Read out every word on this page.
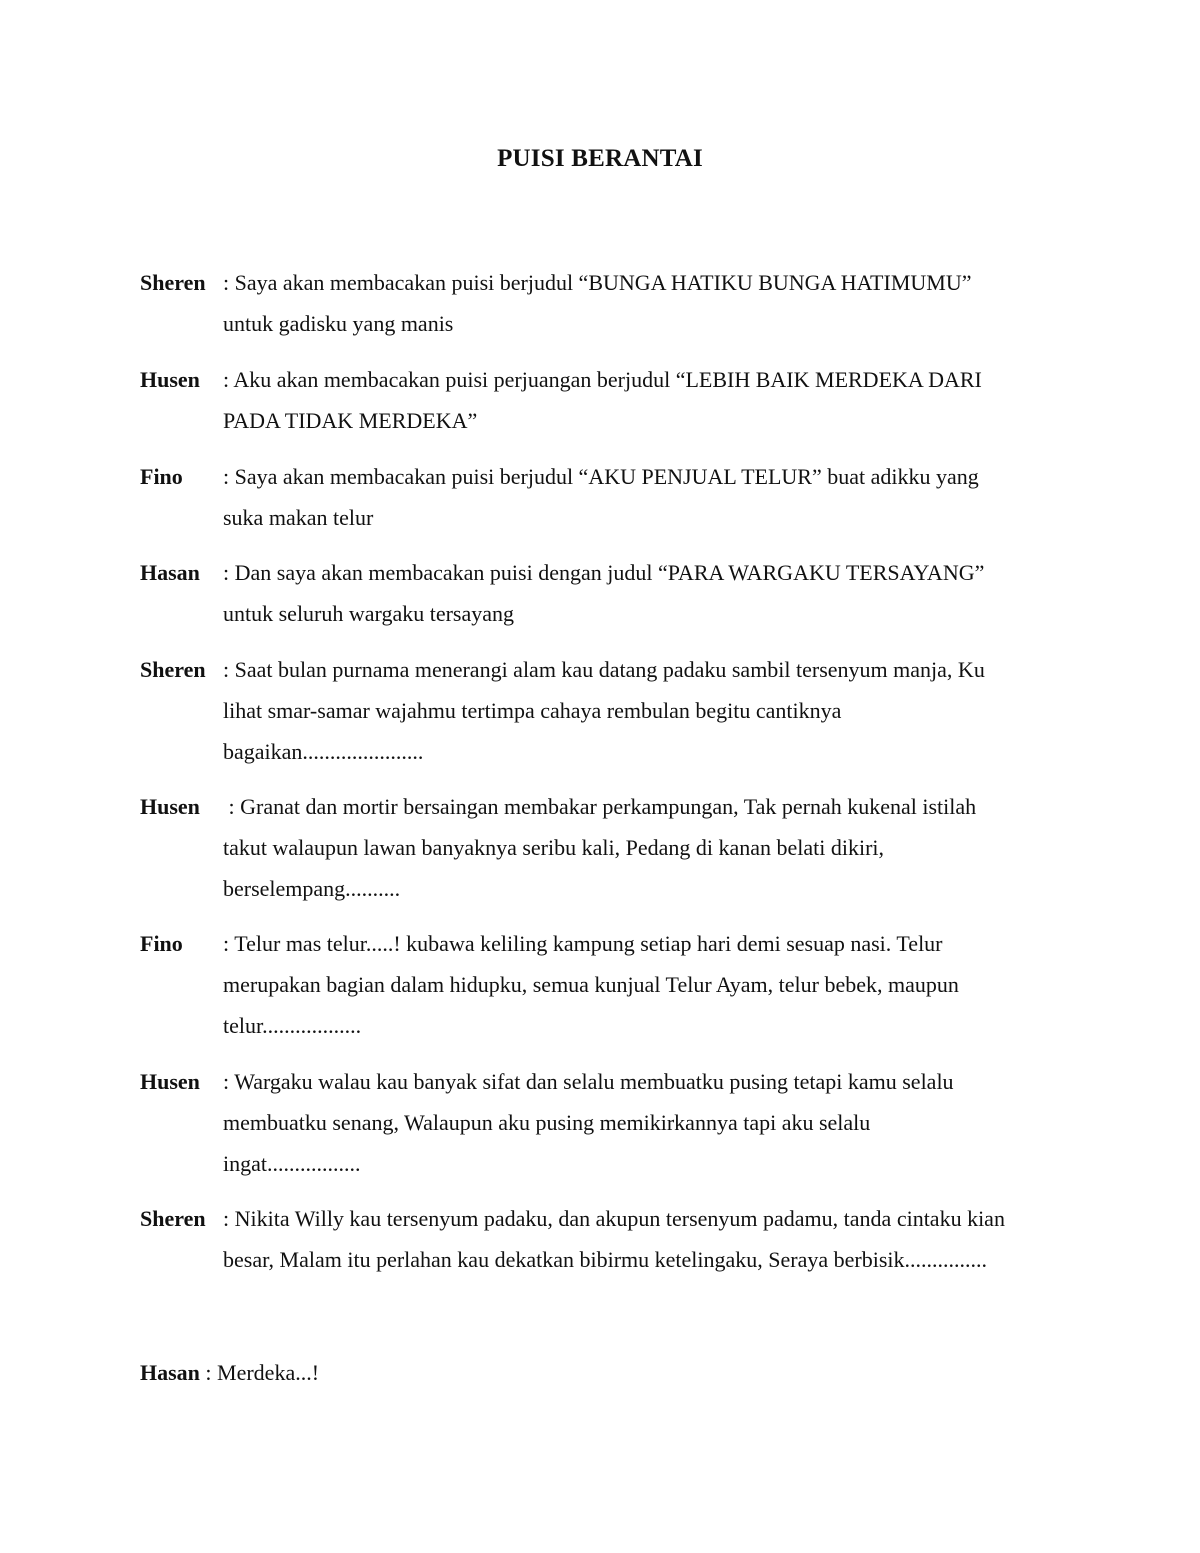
PUISI BERANTAI
Sheren : Saya akan membacakan puisi berjudul “BUNGA HATIKU BUNGA HATIMUMU”
untuk gadisku yang manis
Husen : Aku akan membacakan puisi perjuangan berjudul “LEBIH BAIK MERDEKA DARI
PADA TIDAK MERDEKA”
Fino : Saya akan membacakan puisi berjudul “AKU PENJUAL TELUR” buat adikku yang
suka makan telur
Hasan : Dan saya akan membacakan puisi dengan judul “PARA WARGAKU TERSAYANG”
untuk seluruh wargaku tersayang
Sheren : Saat bulan purnama menerangi alam kau datang padaku sambil tersenyum manja, Ku
lihat smar-samar wajahmu tertimpa cahaya rembulan begitu cantiknya
bagaikan......................
Husen : Granat dan mortir bersaingan membakar perkampungan, Tak pernah kukenal istilah
takut walaupun lawan banyaknya seribu kali, Pedang di kanan belati dikiri,
berselempang..........
Fino : Telur mas telur.....! kubawa keliling kampung setiap hari demi sesuap nasi. Telur
merupakan bagian dalam hidupku, semua kunjual Telur Ayam, telur bebek, maupun
telur..................
Husen : Wargaku walau kau banyak sifat dan selalu membuatku pusing tetapi kamu selalu
membuatku senang, Walaupun aku pusing memikirkannya tapi aku selalu
ingat.................
Sheren : Nikita Willy kau tersenyum padaku, dan akupun tersenyum padamu, tanda cintaku kian
besar, Malam itu perlahan kau dekatkan bibirmu ketelingaku, Seraya berbisik...............
Hasan : Merdeka...!
